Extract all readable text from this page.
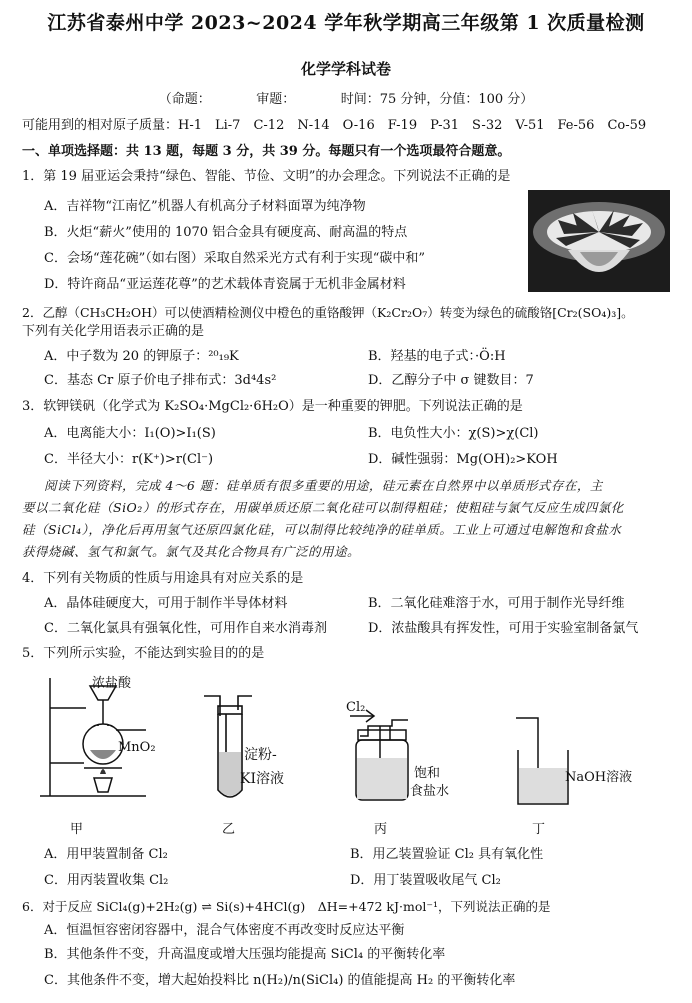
江苏省泰州中学 2023~2024 学年秋学期高三年级第 1 次质量检测
化学学科试卷
（命题：　　　　审题：　　　　时间：75 分钟，分值：100 分）
可能用到的相对原子质量：H-1　Li-7　C-12　N-14　O-16　F-19　P-31　S-32　V-51　Fe-56　Co-59
一、单项选择题：共 13 题，每题 3 分，共 39 分。每题只有一个选项最符合题意。
1．第 19 届亚运会秉持“绿色、智能、节俭、文明”的办会理念。下列说法不正确的是
A．吉祥物“江南忆”机器人有机高分子材料面罩为纯净物
B．火炬“薪火”使用的 1070 铝合金具有硬度高、耐高温的特点
C．会场“莲花碗”（如右图）采取自然采光方式有利于实现“碳中和”
D．特许商品“亚运莲花尊”的艺术载体青瓷属于无机非金属材料
2．乙醇（CH₃CH₂OH）可以使酒精检测仪中橙色的重铬酸钾（K₂Cr₂O₇）转变为绿色的硫酸铬[Cr₂(SO₄)₃]。
下列有关化学用语表示正确的是
A．中子数为 20 的钾原子：²⁰₁₉K	B．羟基的电子式：·Ö:H
C．基态 Cr 原子价电子排布式：3d⁴4s²	D．乙醇分子中 σ 键数目：7
3．软钾镁矾（化学式为 K₂SO₄·MgCl₂·6H₂O）是一种重要的钾肥。下列说法正确的是
A．电离能大小：I₁(O)>I₁(S)	B．电负性大小：χ(S)>χ(Cl)
C．半径大小：r(K⁺)>r(Cl⁻)	D．碱性强弱：Mg(OH)₂>KOH
阅读下列资料，完成 4～6 题：硅单质有很多重要的用途，硅元素在自然界中以单质形式存在，主
要以二氧化硅（SiO₂）的形式存在，用碳单质还原二氧化硅可以制得粗硅；使粗硅与氯气反应生成四氯化
硅（SiCl₄），净化后再用氢气还原四氯化硅，可以制得比较纯净的硅单质。工业上可通过电解饱和食盐水
获得烧碱、氢气和氯气。氯气及其化合物具有广泛的用途。
4．下列有关物质的性质与用途具有对应关系的是
A．晶体硅硬度大，可用于制作半导体材料	B．二氧化硅难溶于水，可用于制作光导纤维
C．二氧化氯具有强氧化性，可用作自来水消毒剂	D．浓盐酸具有挥发性，可用于实验室制备氯气
5．下列所示实验，不能达到实验目的的是
浓盐酸
MnO₂	淀粉-
KI溶液
Cl₂
饱和
食盐水
NaOH溶液
甲	乙	丙	丁
A．用甲装置制备 Cl₂	B．用乙装置验证 Cl₂ 具有氧化性
C．用丙装置收集 Cl₂	D．用丁装置吸收尾气 Cl₂
6．对于反应 SiCl₄(g)+2H₂(g) ⇌ Si(s)+4HCl(g)　ΔH=+472 kJ·mol⁻¹，下列说法正确的是
A．恒温恒容密闭容器中，混合气体密度不再改变时反应达平衡
B．其他条件不变，升高温度或增大压强均能提高 SiCl₄ 的平衡转化率
C．其他条件不变，增大起始投料比 n(H₂)/n(SiCl₄) 的值能提高 H₂ 的平衡转化率
